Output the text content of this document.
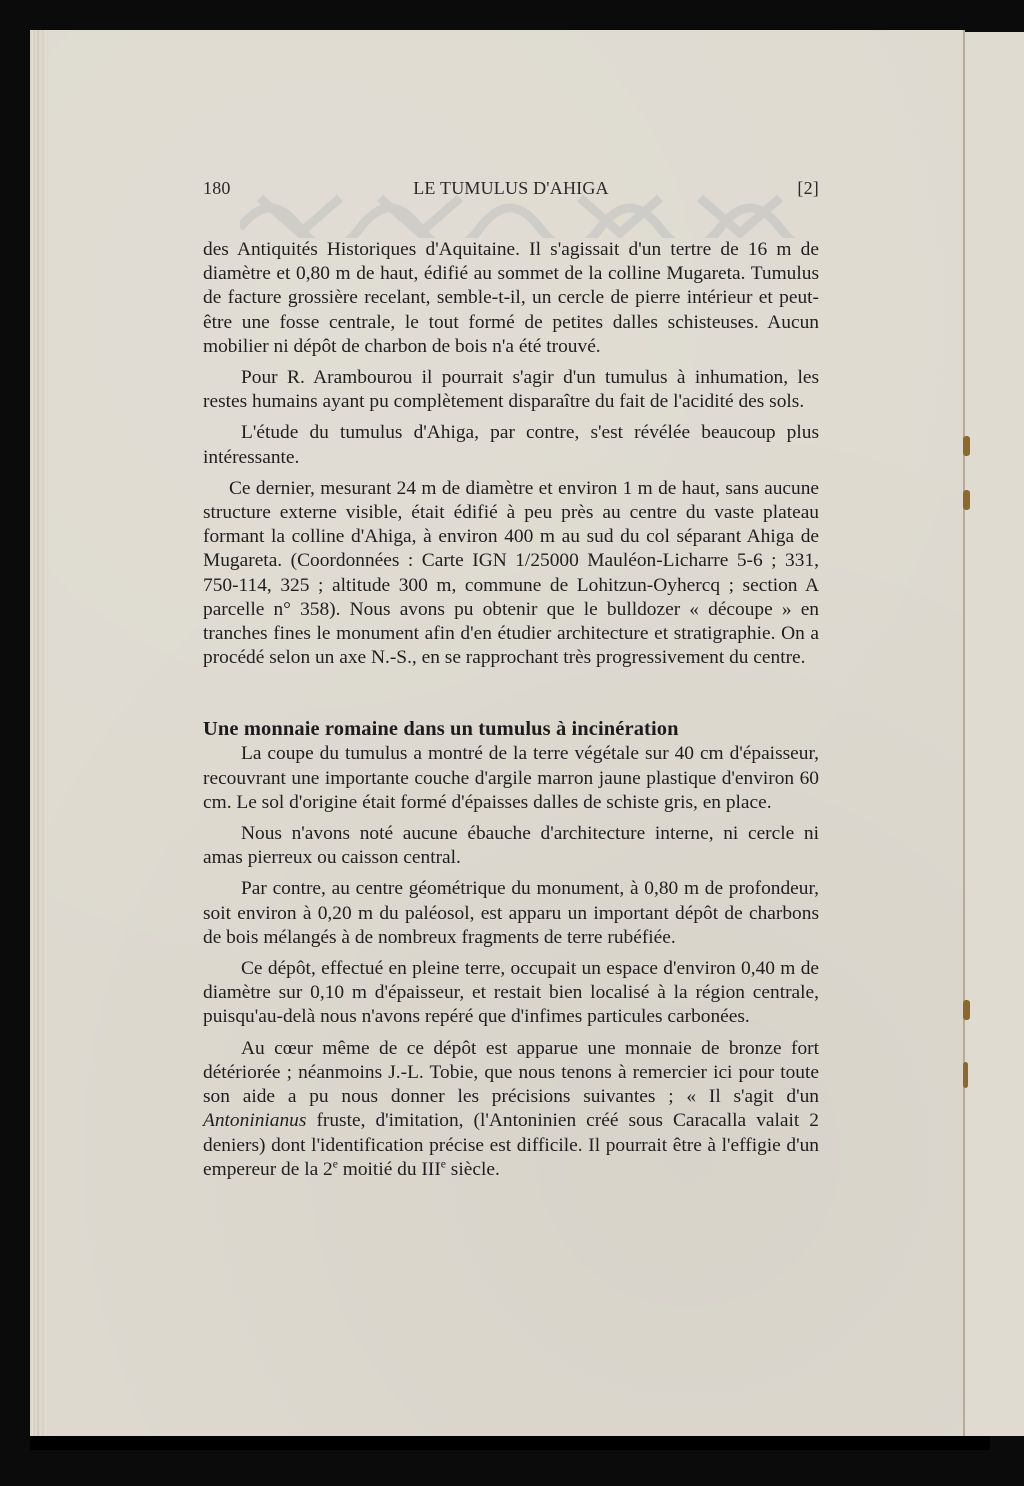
180	LE TUMULUS D'AHIGA	[2]

des Antiquités Historiques d'Aquitaine. Il s'agissait d'un tertre de 16 m de diamètre et 0,80 m de haut, édifié au sommet de la colline Mugareta. Tumulus de facture grossière recelant, semble-t-il, un cercle de pierre intérieur et peut-être une fosse centrale, le tout formé de petites dalles schisteuses. Aucun mobilier ni dépôt de charbon de bois n'a été trouvé.

Pour R. Arambourou il pourrait s'agir d'un tumulus à inhumation, les restes humains ayant pu complètement disparaître du fait de l'acidité des sols.

L'étude du tumulus d'Ahiga, par contre, s'est révélée beaucoup plus intéressante.

Ce dernier, mesurant 24 m de diamètre et environ 1 m de haut, sans aucune structure externe visible, était édifié à peu près au centre du vaste plateau formant la colline d'Ahiga, à environ 400 m au sud du col séparant Ahiga de Mugareta. (Coordonnées : Carte IGN 1/25000 Mauléon-Licharre 5-6 ; 331, 750-114, 325 ; altitude 300 m, commune de Lohitzun-Oyhercq ; section A parcelle n° 358). Nous avons pu obtenir que le bulldozer « découpe » en tranches fines le monument afin d'en étudier architecture et stratigraphie. On a procédé selon un axe N.-S., en se rapprochant très progressivement du centre.

Une monnaie romaine dans un tumulus à incinération

La coupe du tumulus a montré de la terre végétale sur 40 cm d'épaisseur, recouvrant une importante couche d'argile marron jaune plastique d'environ 60 cm. Le sol d'origine était formé d'épaisses dalles de schiste gris, en place.

Nous n'avons noté aucune ébauche d'architecture interne, ni cercle ni amas pierreux ou caisson central.

Par contre, au centre géométrique du monument, à 0,80 m de profondeur, soit environ à 0,20 m du paléosol, est apparu un important dépôt de charbons de bois mélangés à de nombreux fragments de terre rubéfiée.

Ce dépôt, effectué en pleine terre, occupait un espace d'environ 0,40 m de diamètre sur 0,10 m d'épaisseur, et restait bien localisé à la région centrale, puisqu'au-delà nous n'avons repéré que d'infimes particules carbonées.

Au cœur même de ce dépôt est apparue une monnaie de bronze fort détériorée ; néanmoins J.-L. Tobie, que nous tenons à remercier ici pour toute son aide a pu nous donner les précisions suivantes ; « Il s'agit d'un Antoninianus fruste, d'imitation, (l'Antoninien créé sous Caracalla valait 2 deniers) dont l'identification précise est difficile. Il pourrait être à l'effigie d'un empereur de la 2e moitié du IIIe siècle.
